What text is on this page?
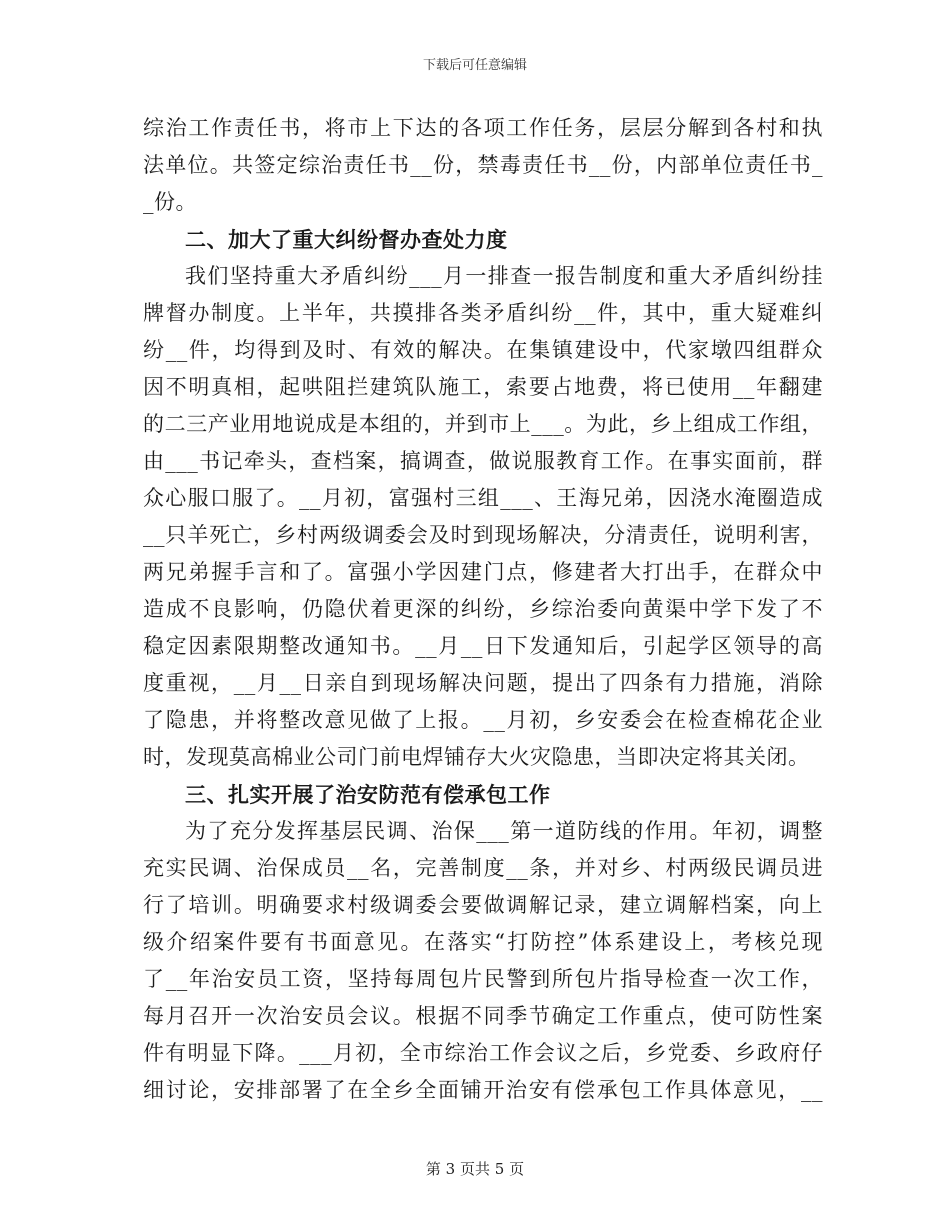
下载后可任意编辑
综治工作责任书，将市上下达的各项工作任务，层层分解到各村和执
法单位。共签定综治责任书__份，禁毒责任书__份，内部单位责任书_
_份。
二、加大了重大纠纷督办查处力度
我们坚持重大矛盾纠纷___月一排查一报告制度和重大矛盾纠纷挂
牌督办制度。上半年，共摸排各类矛盾纠纷__件，其中，重大疑难纠
纷__件，均得到及时、有效的解决。在集镇建设中，代家墩四组群众
因不明真相，起哄阻拦建筑队施工，索要占地费，将已使用__年翻建
的二三产业用地说成是本组的，并到市上___。为此，乡上组成工作组，
由___书记牵头，查档案，搞调查，做说服教育工作。在事实面前，群
众心服口服了。__月初，富强村三组___、王海兄弟，因浇水淹圈造成
__只羊死亡，乡村两级调委会及时到现场解决，分清责任，说明利害，
两兄弟握手言和了。富强小学因建门点，修建者大打出手，在群众中
造成不良影响，仍隐伏着更深的纠纷，乡综治委向黄渠中学下发了不
稳定因素限期整改通知书。__月__日下发通知后，引起学区领导的高
度重视，__月__日亲自到现场解决问题，提出了四条有力措施，消除
了隐患，并将整改意见做了上报。__月初，乡安委会在检查棉花企业
时，发现莫高棉业公司门前电焊铺存大火灾隐患，当即决定将其关闭。
三、扎实开展了治安防范有偿承包工作
为了充分发挥基层民调、治保___第一道防线的作用。年初，调整
充实民调、治保成员__名，完善制度__条，并对乡、村两级民调员进
行了培训。明确要求村级调委会要做调解记录，建立调解档案，向上
级介绍案件要有书面意见。在落实“打防控”体系建设上，考核兑现
了__年治安员工资，坚持每周包片民警到所包片指导检查一次工作，
每月召开一次治安员会议。根据不同季节确定工作重点，使可防性案
件有明显下降。___月初，全市综治工作会议之后，乡党委、乡政府仔
细讨论，安排部署了在全乡全面铺开治安有偿承包工作具体意见，__
第 3 页共 5 页
